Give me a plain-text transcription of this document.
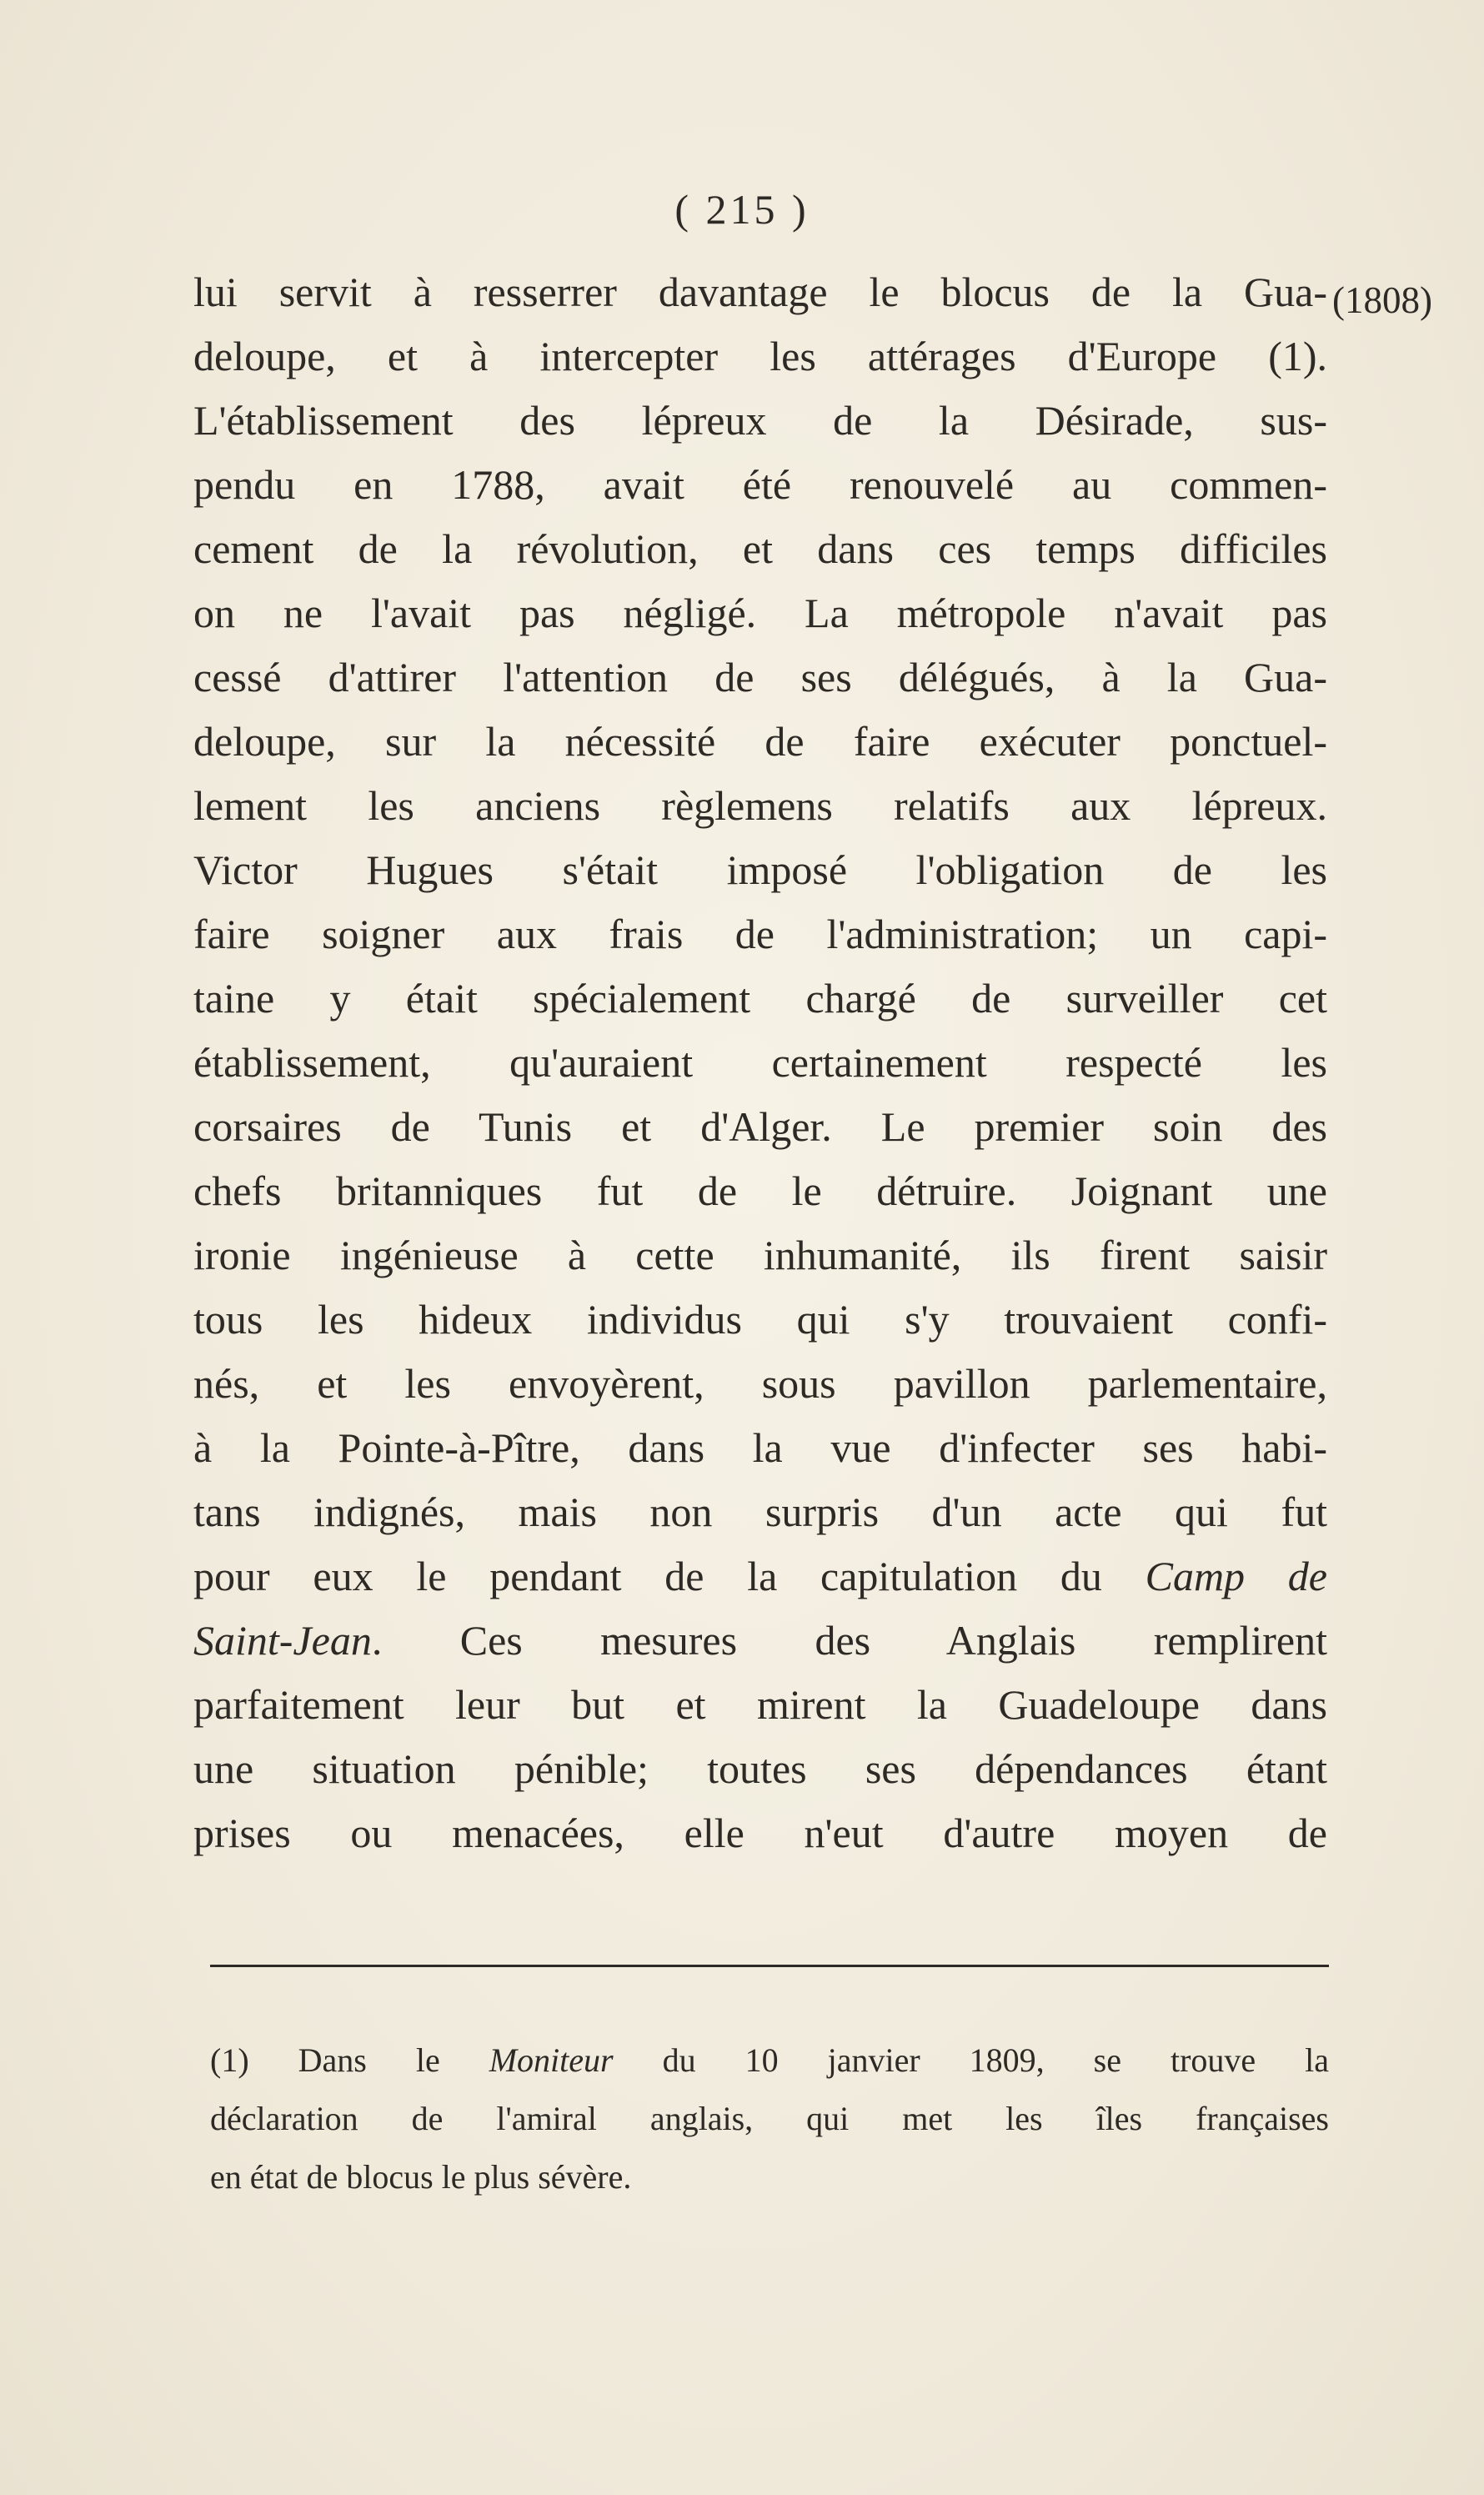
( 215 )
(1808)
lui servit à resserrer davantage le blocus de la Gua-
deloupe, et à intercepter les attérages d'Europe (1).
L'établissement des lépreux de la Désirade, sus-
pendu en 1788, avait été renouvelé au commen-
cement de la révolution, et dans ces temps difficiles
on ne l'avait pas négligé. La métropole n'avait pas
cessé d'attirer l'attention de ses délégués, à la Gua-
deloupe, sur la nécessité de faire exécuter ponctuel-
lement les anciens règlemens relatifs aux lépreux.
Victor Hugues s'était imposé l'obligation de les
faire soigner aux frais de l'administration; un capi-
taine y était spécialement chargé de surveiller cet
établissement, qu'auraient certainement respecté les
corsaires de Tunis et d'Alger. Le premier soin des
chefs britanniques fut de le détruire. Joignant une
ironie ingénieuse à cette inhumanité, ils firent saisir
tous les hideux individus qui s'y trouvaient confi-
nés, et les envoyèrent, sous pavillon parlementaire,
à la Pointe-à-Pître, dans la vue d'infecter ses habi-
tans indignés, mais non surpris d'un acte qui fut
pour eux le pendant de la capitulation du Camp de
Saint-Jean. Ces mesures des Anglais remplirent
parfaitement leur but et mirent la Guadeloupe dans
une situation pénible; toutes ses dépendances étant
prises ou menacées, elle n'eut d'autre moyen de
(1) Dans le Moniteur du 10 janvier 1809, se trouve la
déclaration de l'amiral anglais, qui met les îles françaises
en état de blocus le plus sévère.
